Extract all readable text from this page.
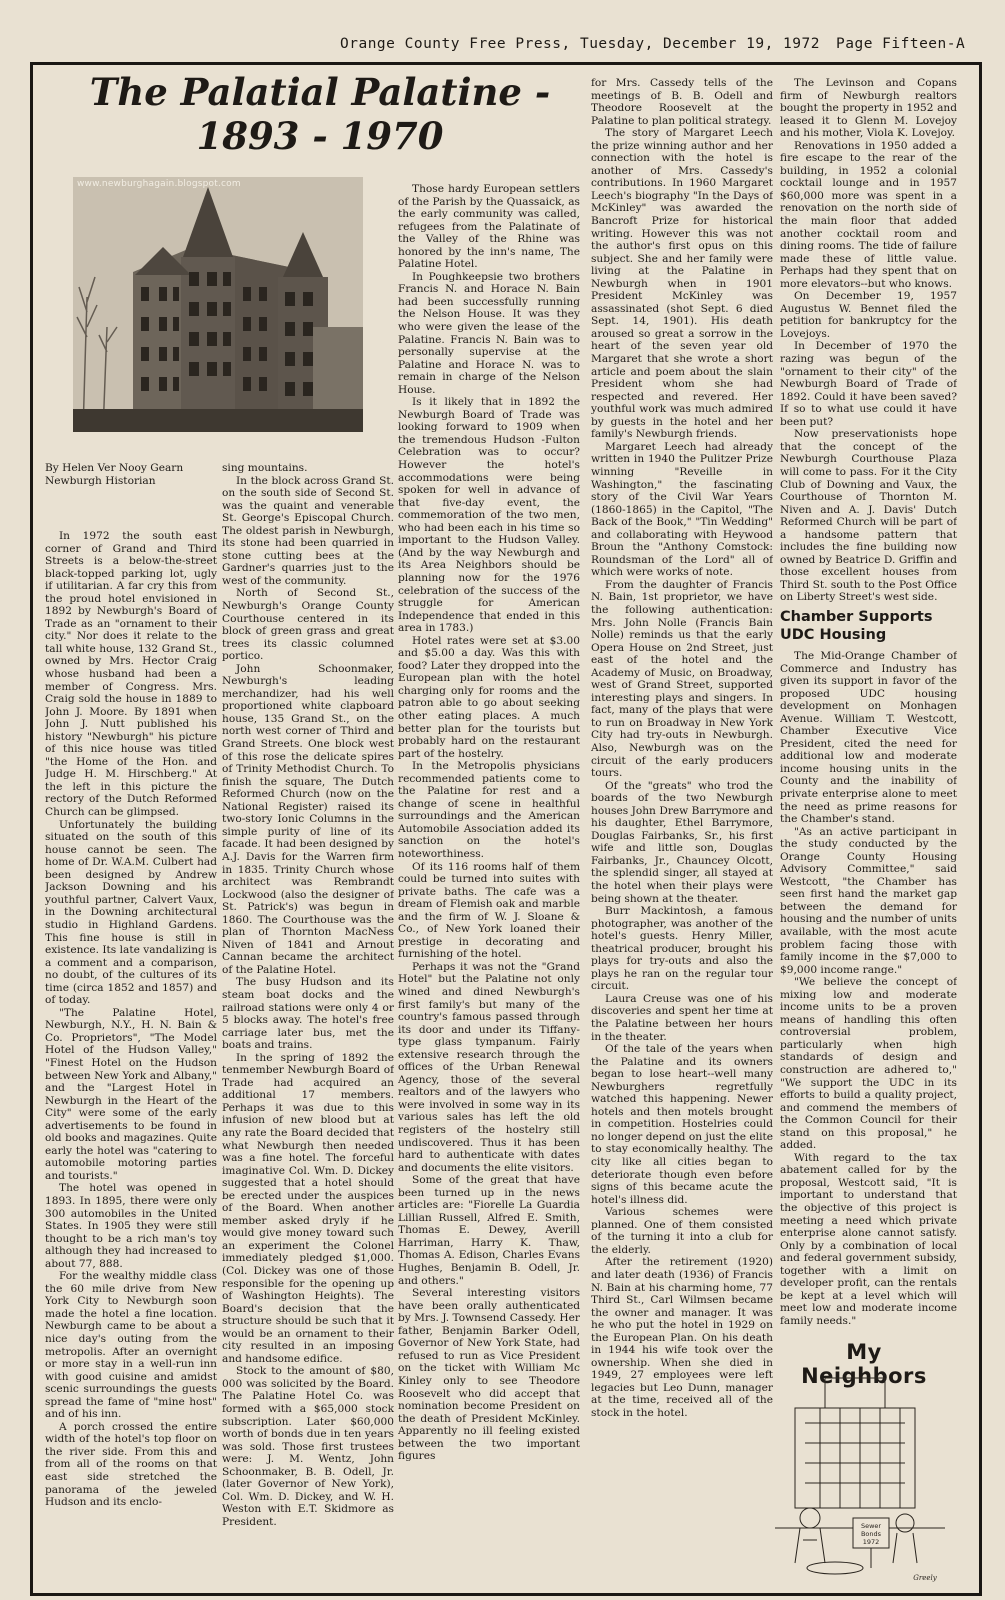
Orange County Free Press, Tuesday, December 19, 1972 Page Fifteen-A
The Palatial Palatine -
1893 - 1970
www.newburghagain.blogspot.com
By Helen Ver Nooy Gearn
Newburgh Historian

In 1972 the south east corner of Grand and Third Streets is a below-the-street black-topped parking lot, ugly if utilitarian. A far cry this from the proud hotel envisioned in 1892 by Newburgh's Board of Trade as an "ornament to their city." Nor does it relate to the tall white house, 132 Grand St., owned by Mrs. Hector Craig whose husband had been a member of Congress. Mrs. Craig sold the house in 1889 to John J. Moore. By 1891 when John J. Nutt published his history "Newburgh" his picture of this nice house was titled "the Home of the Hon. and Judge H. M. Hirschberg." At the left in this picture the rectory of the Dutch Reformed Church can be glimpsed.

Unfortunately the building situated on the south of this house cannot be seen. The home of Dr. W.A.M. Culbert had been designed by Andrew Jackson Downing and his youthful partner, Calvert Vaux, in the Downing architectural studio in Highland Gardens. This fine house is still in existence. Its late vandalizing is a comment and a comparison, no doubt, of the cultures of its time (circa 1852 and 1857) and of today.

"The Palatine Hotel, Newburgh, N.Y., H. N. Bain & Co. Proprietors", "The Model Hotel of the Hudson Valley," "Finest Hotel on the Hudson between New York and Albany," and the "Largest Hotel in Newburgh in the Heart of the City" were some of the early advertisements to be found in old books and magazines. Quite early the hotel was "catering to automobile motoring parties and tourists."

The hotel was opened in 1893. In 1895, there were only 300 automobiles in the United States. In 1905 they were still thought to be a rich man's toy although they had increased to about 77, 888.

For the wealthy middle class the 60 mile drive from New York City to Newburgh soon made the hotel a fine location. Newburgh came to be about a nice day's outing from the metropolis. After an overnight or more stay in a well-run inn with good cuisine and amidst scenic surroundings the guests spread the fame of "mine host" and of his inn.

A porch crossed the entire width of the hotel's top floor on the river side. From this and from all of the rooms on that east side stretched the panorama of the jeweled Hudson and its enclo-

sing mountains.

In the block across Grand St. on the south side of Second St. was the quaint and venerable St. George's Episcopal Church. The oldest parish in Newburgh, its stone had been quarried in stone cutting bees at the Gardner's quarries just to the west of the community.

North of Second St., Newburgh's Orange County Courthouse centered in its block of green grass and great trees its classic columned portico.

John Schoonmaker, Newburgh's leading merchandizer, had his well proportioned white clapboard house, 135 Grand St., on the north west corner of Third and Grand Streets. One block west of this rose the delicate spires of Trinity Methodist Church. To finish the square, The Dutch Reformed Church (now on the National Register) raised its two-story Ionic Columns in the simple purity of line of its facade. It had been designed by A.J. Davis for the Warren firm in 1835. Trinity Church whose architect was Rembrandt Lockwood (also the designer of St. Patrick's) was begun in 1860. The Courthouse was the plan of Thornton MacNess Niven of 1841 and Arnout Cannan became the architect of the Palatine Hotel.

The busy Hudson and its steam boat docks and the railroad stations were only 4 or 5 blocks away. The hotel's free carriage later bus, met the boats and trains.

In the spring of 1892 the tenmember Newburgh Board of Trade had acquired an additional 17 members. Perhaps it was due to this infusion of new blood but at any rate the Board decided that what Newburgh then needed was a fine hotel. The forceful imaginative Col. Wm. D. Dickey suggested that a hotel should be erected under the auspices of the Board. When another member asked dryly if he would give money toward such an experiment the Colonel immediately pledged $1,000. (Col. Dickey was one of those responsible for the opening up of Washington Heights). The Board's decision that the structure should be such that it would be an ornament to their city resulted in an imposing and handsome edifice.

Stock to the amount of $80, 000 was solicited by the Board. The Palatine Hotel Co. was formed with a $65,000 stock subscription. Later $60,000 worth of bonds due in ten years was sold. Those first trustees were: J. M. Wentz, John Schoonmaker, B. B. Odell, Jr. (later Governor of New York), Col. Wm. D. Dickey, and W. H. Weston with E.T. Skidmore as President.

Those hardy European settlers of the Parish by the Quassaick, as the early community was called, refugees from the Palatinate of the Valley of the Rhine was honored by the inn's name, The Palatine Hotel.

In Poughkeepsie two brothers Francis N. and Horace N. Bain had been successfully running the Nelson House. It was they who were given the lease of the Palatine. Francis N. Bain was to personally supervise at the Palatine and Horace N. was to remain in charge of the Nelson House.

Is it likely that in 1892 the Newburgh Board of Trade was looking forward to 1909 when the tremendous Hudson -Fulton Celebration was to occur? However the hotel's accommodations were being spoken for well in advance of that five-day event, the commemoration of the two men, who had been each in his time so important to the Hudson Valley. (And by the way Newburgh and its Area Neighbors should be planning now for the 1976 celebration of the success of the struggle for American Independence that ended in this area in 1783.)

Hotel rates were set at $3.00 and $5.00 a day. Was this with food? Later they dropped into the European plan with the hotel charging only for rooms and the patron able to go about seeking other eating places. A much better plan for the tourists but probably hard on the restaurant part of the hostelry.

In the Metropolis physicians recommended patients come to the Palatine for rest and a change of scene in healthful surroundings and the American Automobile Association added its sanction on the hotel's noteworthiness.

Of its 116 rooms half of them could be turned into suites with private baths. The cafe was a dream of Flemish oak and marble and the firm of W. J. Sloane & Co., of New York loaned their prestige in decorating and furnishing of the hotel.

Perhaps it was not the "Grand Hotel" but the Palatine not only wined and dined Newburgh's first family's but many of the country's famous passed through its door and under its Tiffany-type glass tympanum. Fairly extensive research through the offices of the Urban Renewal Agency, those of the several realtors and of the lawyers who were involved in some way in its various sales has left the old registers of the hostelry still undiscovered. Thus it has been hard to authenticate with dates and documents the elite visitors.

Some of the great that have been turned up in the news articles are: "Fiorelle La Guardia Lillian Russell, Alfred E. Smith, Thomas E. Dewey, Averill Harriman, Harry K. Thaw, Thomas A. Edison, Charles Evans Hughes, Benjamin B. Odell, Jr. and others."

Several interesting visitors have been orally authenticated by Mrs. J. Townsend Cassedy. Her father, Benjamin Barker Odell, Governor of New York State, had refused to run as Vice President on the ticket with William Mc Kinley only to see Theodore Roosevelt who did accept that nomination become President on the death of President McKinley. Apparently no ill feeling existed between the two important figures

for Mrs. Cassedy tells of the meetings of B. B. Odell and Theodore Roosevelt at the Palatine to plan political strategy.

The story of Margaret Leech the prize winning author and her connection with the hotel is another of Mrs. Cassedy's contributions. In 1960 Margaret Leech's biography "In the Days of McKinley" was awarded the Bancroft Prize for historical writing. However this was not the author's first opus on this subject. She and her family were living at the Palatine in Newburgh when in 1901 President McKinley was assassinated (shot Sept. 6 died Sept. 14, 1901). His death aroused so great a sorrow in the heart of the seven year old Margaret that she wrote a short article and poem about the slain President whom she had respected and revered. Her youthful work was much admired by guests in the hotel and her family's Newburgh friends.

Margaret Leech had already written in 1940 the Pulitzer Prize winning "Reveille in Washington," the fascinating story of the Civil War Years (1860-1865) in the Capitol, "The Back of the Book," "Tin Wedding" and collaborating with Heywood Broun the "Anthony Comstock: Roundsman of the Lord" all of which were works of note.

From the daughter of Francis N. Bain, 1st proprietor, we have the following authentication: Mrs. John Nolle (Francis Bain Nolle) reminds us that the early Opera House on 2nd Street, just east of the hotel and the Academy of Music, on Broadway, west of Grand Street, supported interesting plays and singers. In fact, many of the plays that were to run on Broadway in New York City had try-outs in Newburgh. Also, Newburgh was on the circuit of the early producers tours.

Of the "greats" who trod the boards of the two Newburgh houses John Drew Barrymore and his daughter, Ethel Barrymore, Douglas Fairbanks, Sr., his first wife and little son, Douglas Fairbanks, Jr., Chauncey Olcott, the splendid singer, all stayed at the hotel when their plays were being shown at the theater.

Burr Mackintosh, a famous photographer, was another of the hotel's guests. Henry Miller, theatrical producer, brought his plays for try-outs and also the plays he ran on the regular tour circuit.

Laura Creuse was one of his discoveries and spent her time at the Palatine between her hours in the theater.

Of the tale of the years when the Palatine and its owners began to lose heart--well many Newburghers regretfully watched this happening. Newer hotels and then motels brought in competition. Hostelries could no longer depend on just the elite to stay economically healthy. The city like all cities began to deteriorate though even before signs of this became acute the hotel's illness did.

Various schemes were planned. One of them consisted of the turning it into a club for the elderly.

After the retirement (1920) and later death (1936) of Francis N. Bain at his charming home, 77 Third St., Carl Wilmsen became the owner and manager. It was he who put the hotel in 1929 on the European Plan. On his death in 1944 his wife took over the ownership. When she died in 1949, 27 employees were left legacies but Leo Dunn, manager at the time, received all of the stock in the hotel.

The Levinson and Copans firm of Newburgh realtors bought the property in 1952 and leased it to Glenn M. Lovejoy and his mother, Viola K. Lovejoy.

Renovations in 1950 added a fire escape to the rear of the building, in 1952 a colonial cocktail lounge and in 1957 $60,000 more was spent in a renovation on the north side of the main floor that added another cocktail room and dining rooms. The tide of failure made these of little value. Perhaps had they spent that on more elevators--but who knows.

On December 19, 1957 Augustus W. Bennet filed the petition for bankruptcy for the Lovejoys.

In December of 1970 the razing was begun of the "ornament to their city" of the Newburgh Board of Trade of 1892. Could it have been saved? If so to what use could it have been put?

Now preservationists hope that the concept of the Newburgh Courthouse Plaza will come to pass. For it the City Club of Downing and Vaux, the Courthouse of Thornton M. Niven and A. J. Davis' Dutch Reformed Church will be part of a handsome pattern that includes the fine building now owned by Beatrice D. Griffin and those excellent houses from Third St. south to the Post Office on Liberty Street's west side.

Chamber Supports
UDC Housing

The Mid-Orange Chamber of Commerce and Industry has given its support in favor of the proposed UDC housing development on Monhagen Avenue. William T. Westcott, Chamber Executive Vice President, cited the need for additional low and moderate income housing units in the County and the inability of private enterprise alone to meet the need as prime reasons for the Chamber's stand.

"As an active participant in the study conducted by the Orange County Housing Advisory Committee," said Westcott, "the Chamber has seen first hand the market gap between the demand for housing and the number of units available, with the most acute problem facing those with family income in the $7,000 to $9,000 income range."

"We believe the concept of mixing low and moderate income units to be a proven means of handling this often controversial problem, particularly when high standards of design and construction are adhered to," "We support the UDC in its efforts to build a quality project, and commend the members of the Common Council for their stand on this proposal," he added.

With regard to the tax abatement called for by the proposal, Westcott said, "It is important to understand that the objective of this project is meeting a need which private enterprise alone cannot satisfy. Only by a combination of local and federal government subsidy, together with a limit on developer profit, can the rentals be kept at a level which will meet low and moderate income family needs."

My Neighbors
Sewer
Bonds
1972
Greely
